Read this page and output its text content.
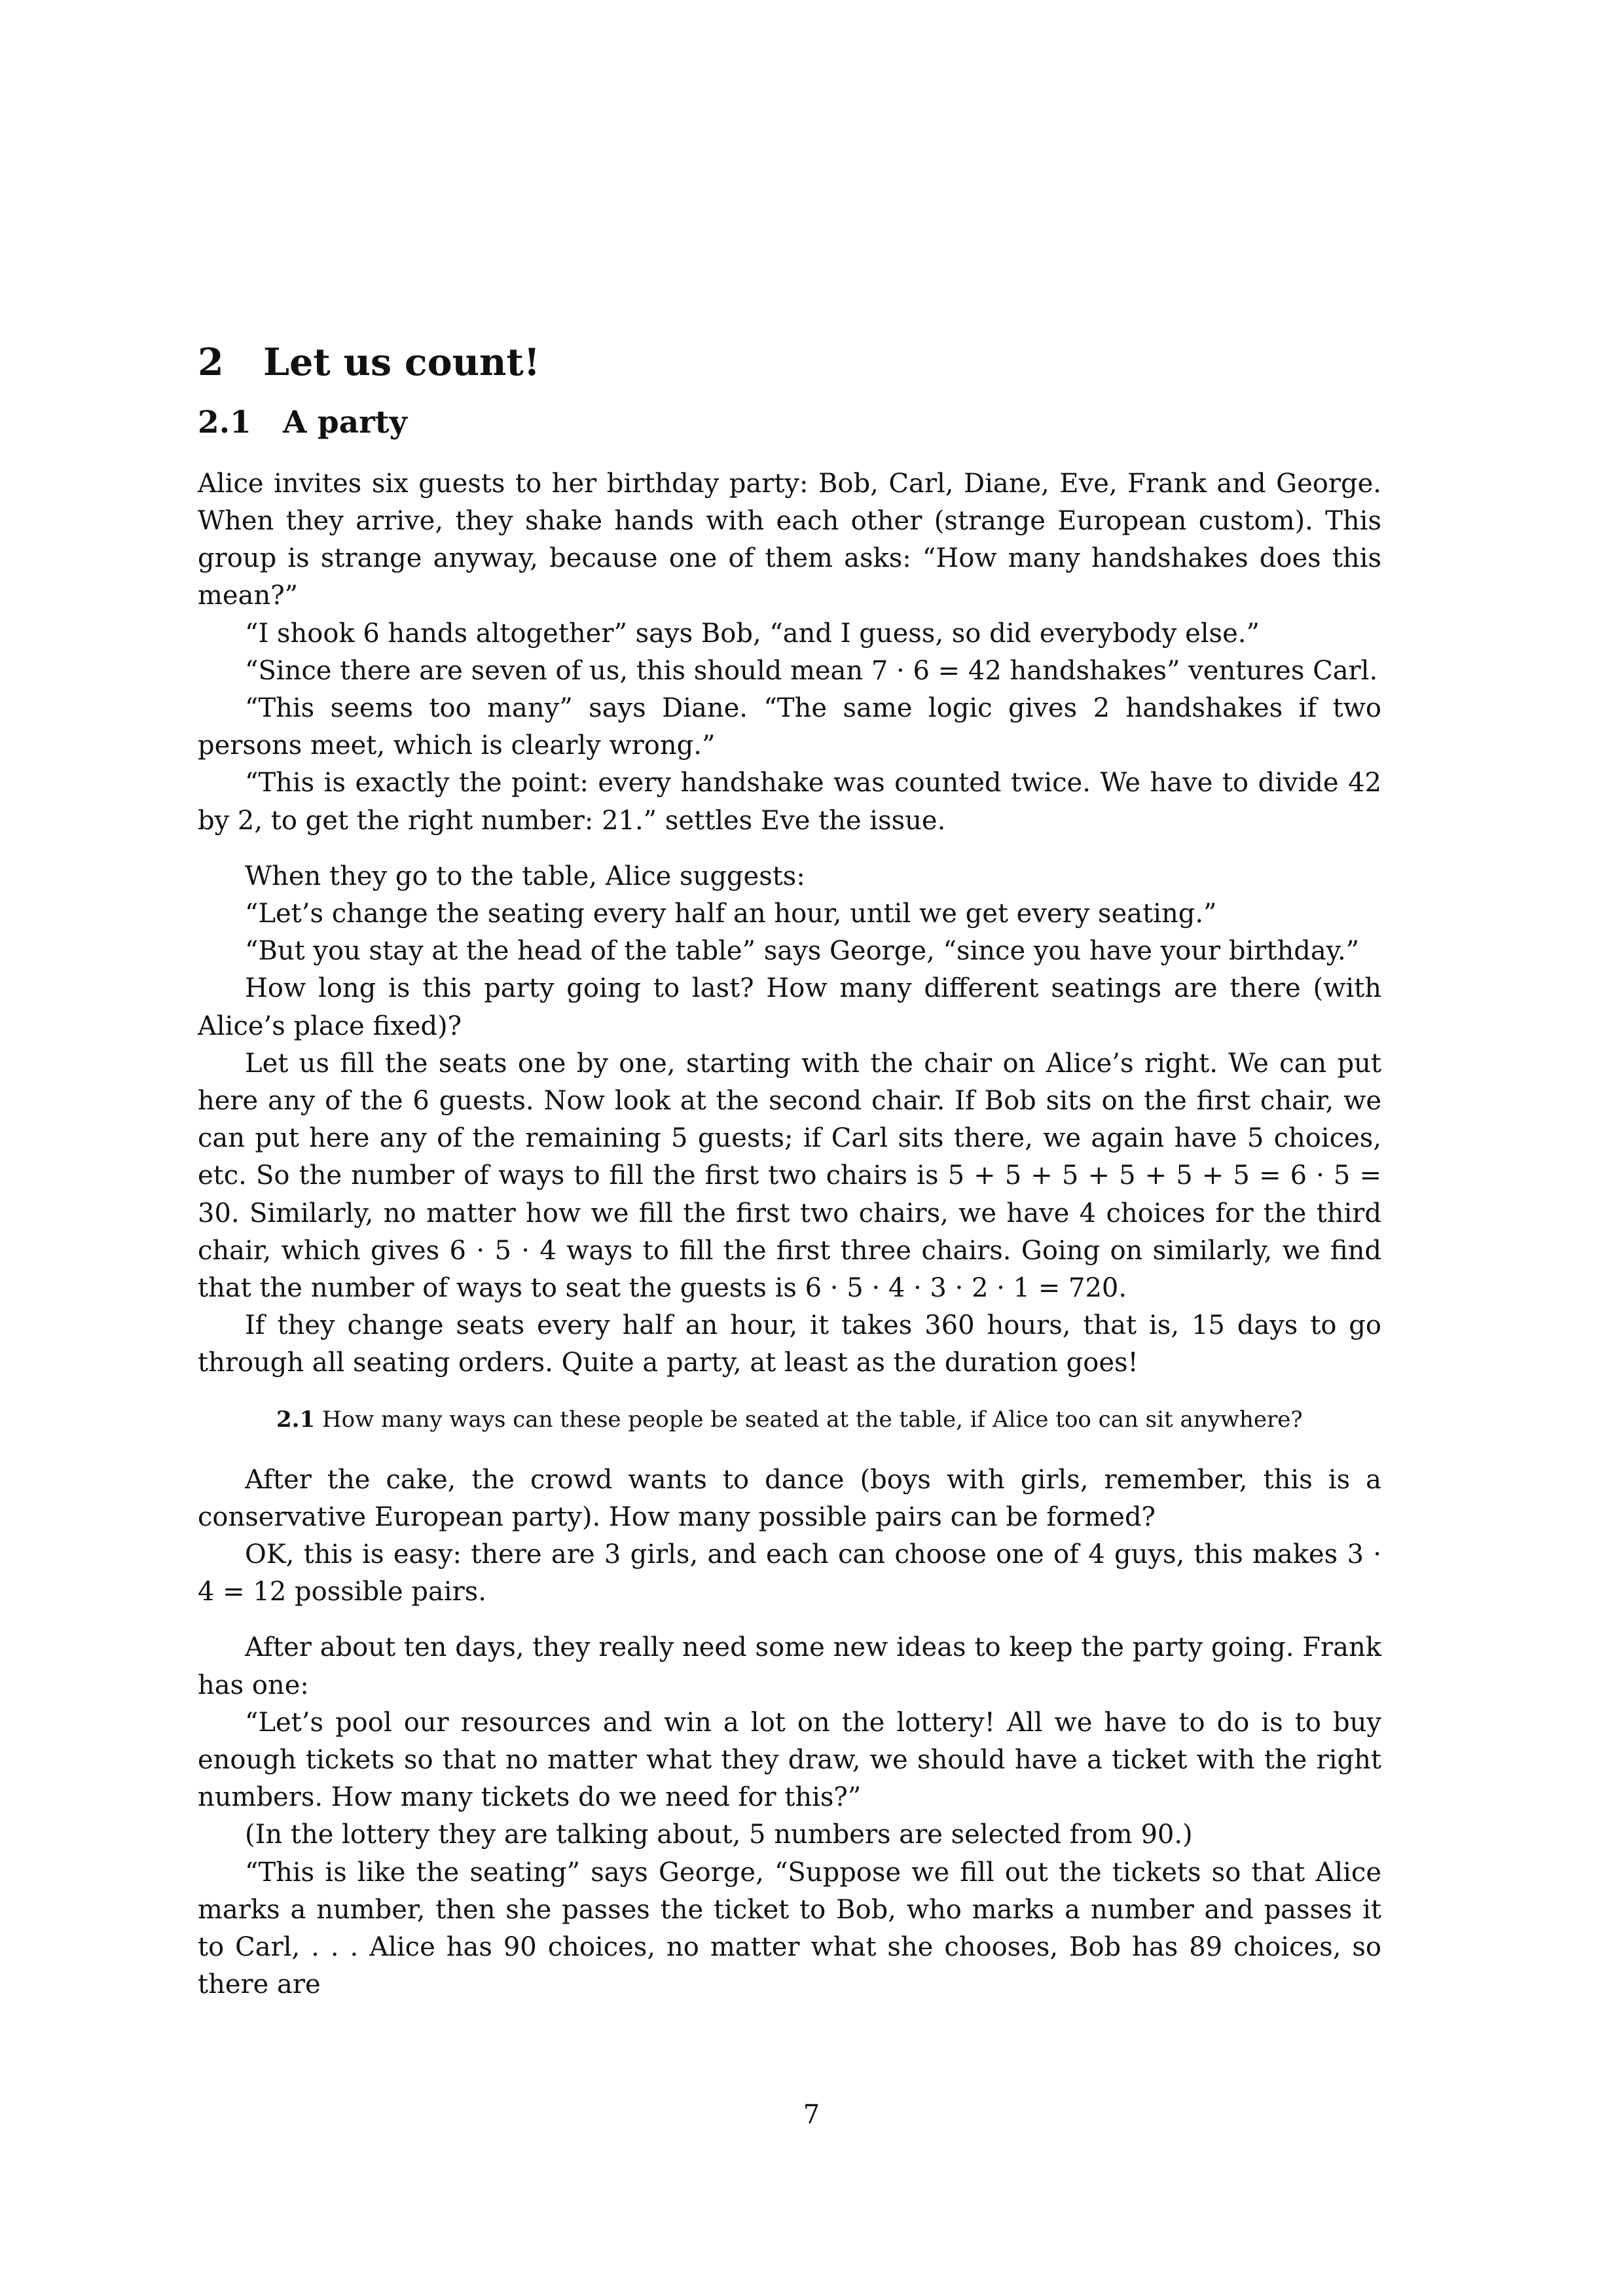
2	Let us count!
2.1	A party

Alice invites six guests to her birthday party: Bob, Carl, Diane, Eve, Frank and George. When they arrive, they shake hands with each other (strange European custom). This group is strange anyway, because one of them asks: “How many handshakes does this mean?”

“I shook 6 hands altogether” says Bob, “and I guess, so did everybody else.”

“Since there are seven of us, this should mean 7 · 6 = 42 handshakes” ventures Carl.

“This seems too many” says Diane. “The same logic gives 2 handshakes if two persons meet, which is clearly wrong.”

“This is exactly the point: every handshake was counted twice. We have to divide 42 by 2, to get the right number: 21.” settles Eve the issue.

When they go to the table, Alice suggests:

“Let’s change the seating every half an hour, until we get every seating.”

“But you stay at the head of the table” says George, “since you have your birthday.”

How long is this party going to last? How many different seatings are there (with Alice’s place fixed)?

Let us fill the seats one by one, starting with the chair on Alice’s right. We can put here any of the 6 guests. Now look at the second chair. If Bob sits on the first chair, we can put here any of the remaining 5 guests; if Carl sits there, we again have 5 choices, etc. So the number of ways to fill the first two chairs is 5 + 5 + 5 + 5 + 5 + 5 = 6 · 5 = 30. Similarly, no matter how we fill the first two chairs, we have 4 choices for the third chair, which gives 6 · 5 · 4 ways to fill the first three chairs. Going on similarly, we find that the number of ways to seat the guests is 6 · 5 · 4 · 3 · 2 · 1 = 720.

If they change seats every half an hour, it takes 360 hours, that is, 15 days to go through all seating orders. Quite a party, at least as the duration goes!

2.1 How many ways can these people be seated at the table, if Alice too can sit anywhere?

After the cake, the crowd wants to dance (boys with girls, remember, this is a conservative European party). How many possible pairs can be formed?

OK, this is easy: there are 3 girls, and each can choose one of 4 guys, this makes 3 · 4 = 12 possible pairs.

After about ten days, they really need some new ideas to keep the party going. Frank has one:

“Let’s pool our resources and win a lot on the lottery! All we have to do is to buy enough tickets so that no matter what they draw, we should have a ticket with the right numbers. How many tickets do we need for this?”

(In the lottery they are talking about, 5 numbers are selected from 90.)

“This is like the seating” says George, “Suppose we fill out the tickets so that Alice marks a number, then she passes the ticket to Bob, who marks a number and passes it to Carl, . . . Alice has 90 choices, no matter what she chooses, Bob has 89 choices, so there are

7
